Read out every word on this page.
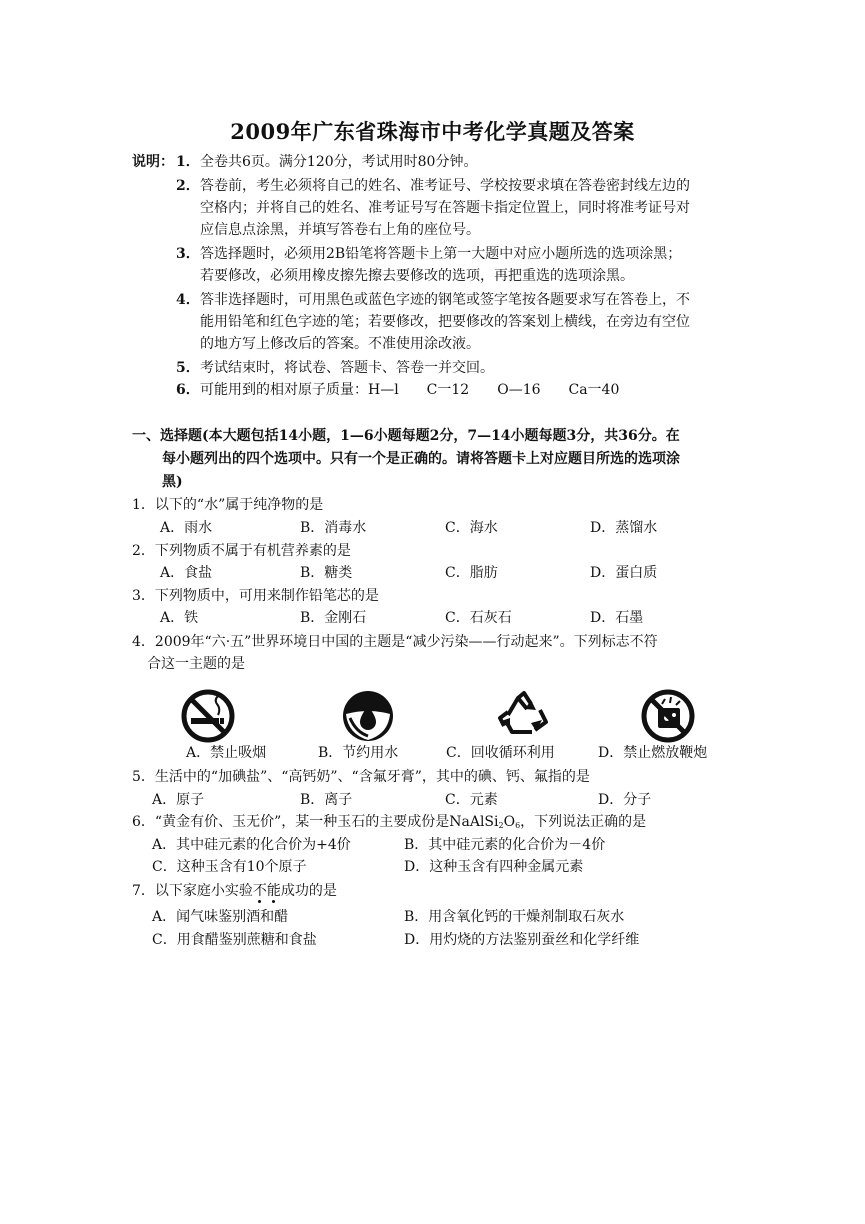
2009年广东省珠海市中考化学真题及答案
说明： 1． 全卷共6页。满分120分，考试用时80分钟。
2． 答卷前，考生必须将自己的姓名、准考证号、学校按要求填在答卷密封线左边的
空格内；并将自己的姓名、准考证号写在答题卡指定位置上，同时将准考证号对
应信息点涂黑，并填写答卷右上角的座位号。
3． 答选择题时，必须用2B铅笔将答题卡上第一大题中对应小题所选的选项涂黑；
若要修改，必须用橡皮擦先擦去要修改的选项，再把重选的选项涂黑。
4． 答非选择题时，可用黑色或蓝色字迹的钢笔或签字笔按各题要求写在答卷上，不
能用铅笔和红色字迹的笔；若要修改，把要修改的答案划上横线，在旁边有空位
的地方写上修改后的答案。不准使用涂改液。
5． 考试结束时，将试卷、答题卡、答卷一并交回。
6． 可能用到的相对原子质量：H—l　　C一12　　O—16　　Ca一40
一、选择题(本大题包括14小题，1—6小题每题2分，7—14小题每题3分，共36分。在
每小题列出的四个选项中。只有一个是正确的。请将答题卡上对应题目所选的选项涂
黑)
1．以下的“水”属于纯净物的是
A．雨水	B．消毒水	C．海水	D．蒸馏水
2．下列物质不属于有机营养素的是
A．食盐	B．糖类	C．脂肪	D．蛋白质
3．下列物质中，可用来制作铅笔芯的是
A．铁	B．金刚石	C．石灰石	D．石墨
4．2009年“六·五”世界环境日中国的主题是“减少污染——行动起来”。下列标志不符
合这一主题的是
A．禁止吸烟	B．节约用水	C．回收循环利用	D．禁止燃放鞭炮
5．生活中的“加碘盐”、“高钙奶”、“含氟牙膏”，其中的碘、钙、氟指的是
A．原子	B．离子	C．元素	D．分子
6．“黄金有价、玉无价”，某一种玉石的主要成份是$NaAlSi_2O_6$，下列说法正确的是
A．其中硅元素的化合价为+4价	B．其中硅元素的化合价为－4价
C．这种玉含有10个原子	D．这种玉含有四种金属元素
7．以下家庭小实验不能成功的是
A．闻气味鉴别酒和醋	B．用含氧化钙的干燥剂制取石灰水
C．用食醋鉴别蔗糖和食盐	D．用灼烧的方法鉴别蚕丝和化学纤维
